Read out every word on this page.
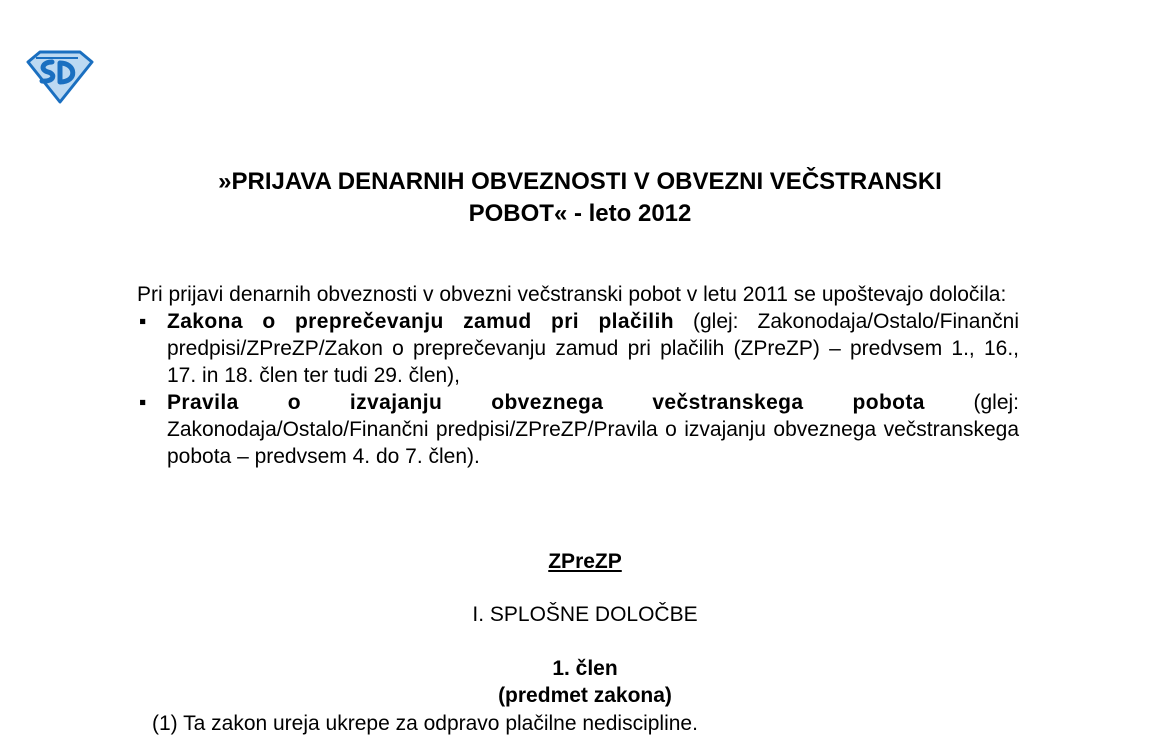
»PRIJAVA DENARNIH OBVEZNOSTI V OBVEZNI VEČSTRANSKI
POBOT« - leto 2012
Pri prijavi denarnih obveznosti v obvezni večstranski pobot v letu 2011 se upoštevajo določila:
▪ Zakona o preprečevanju zamud pri plačilih (glej: Zakonodaja/Ostalo/Finančni predpisi/ZPreZP/Zakon o preprečevanju zamud pri plačilih (ZPreZP) – predvsem 1., 16., 17. in 18. člen ter tudi 29. člen),
▪ Pravila o izvajanju obveznega večstranskega pobota (glej: Zakonodaja/Ostalo/Finančni predpisi/ZPreZP/Pravila o izvajanju obveznega večstranskega pobota – predvsem 4. do 7. člen).
ZPreZP
I. SPLOŠNE DOLOČBE
1. člen
(predmet zakona)
(1) Ta zakon ureja ukrepe za odpravo plačilne nediscipline.
